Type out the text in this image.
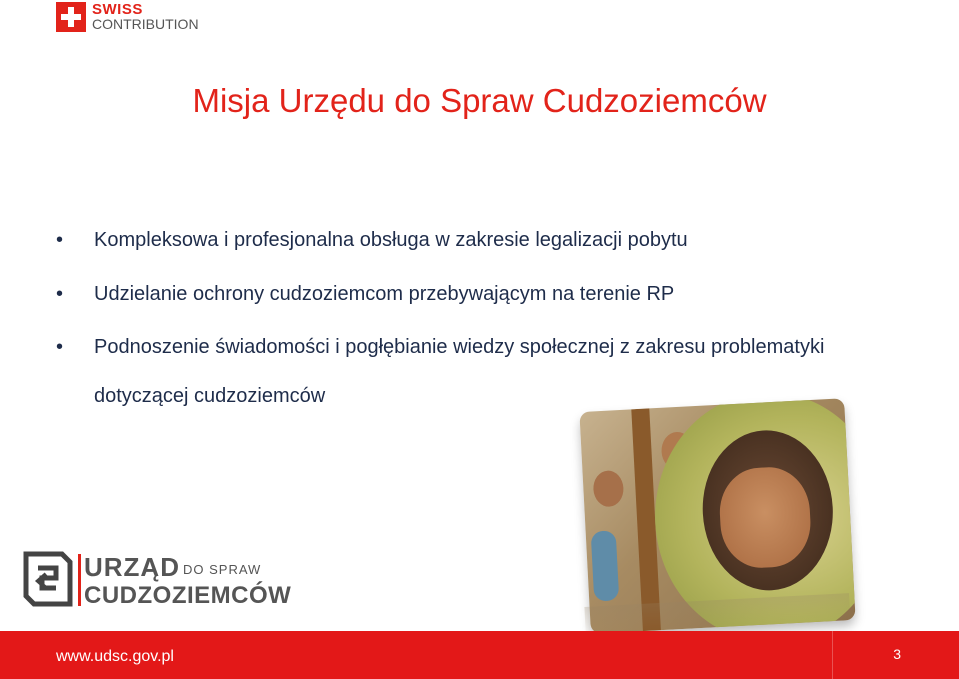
SWISS
CONTRIBUTION
Misja Urzędu do Spraw Cudzoziemców
• Kompleksowa i profesjonalna obsługa w zakresie legalizacji pobytu
• Udzielanie ochrony cudzoziemcom przebywającym na terenie RP
• Podnoszenie świadomości i pogłębianie wiedzy społecznej z zakresu problematyki dotyczącej cudzoziemców
URZĄD DO SPRAW
CUDZOZIEMCÓW
www.udsc.gov.pl	3
